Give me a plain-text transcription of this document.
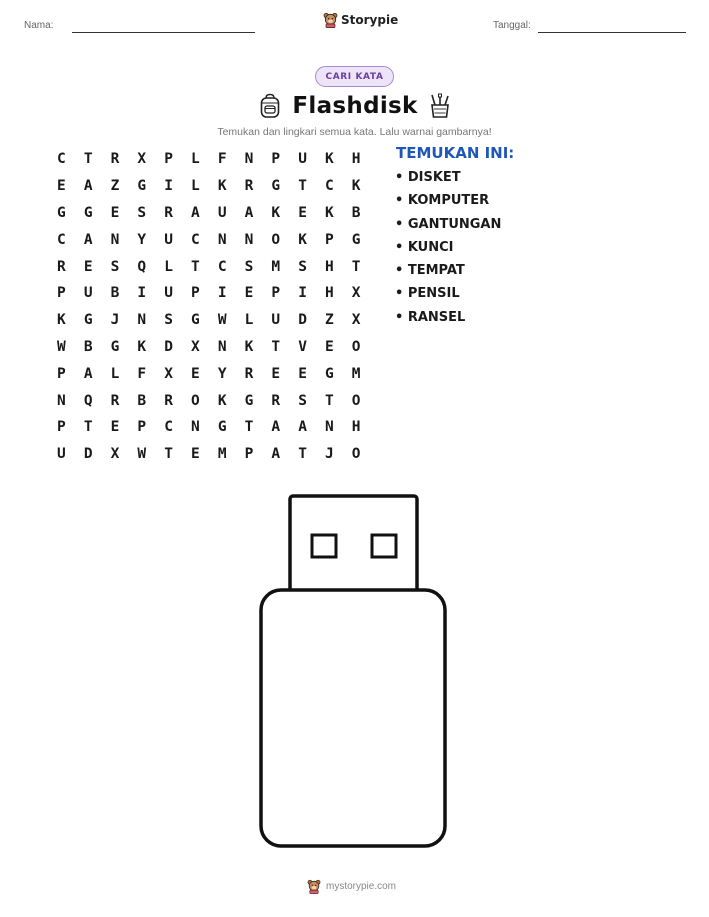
Nama:	Storypie	Tanggal:
CARI KATA
Flashdisk
Temukan dan lingkari semua kata. Lalu warnai gambarnya!
C	T	R	X	P	L	F	N	P	U	K	H
E	A	Z	G	I	L	K	R	G	T	C	K
G	G	E	S	R	A	U	A	K	E	K	B
C	A	N	Y	U	C	N	N	O	K	P	G
R	E	S	Q	L	T	C	S	M	S	H	T
P	U	B	I	U	P	I	E	P	I	H	X
K	G	J	N	S	G	W	L	U	D	Z	X
W	B	G	K	D	X	N	K	T	V	E	O
P	A	L	F	X	E	Y	R	E	E	G	M
N	Q	R	B	R	O	K	G	R	S	T	O
P	T	E	P	C	N	G	T	A	A	N	H
U	D	X	W	T	E	M	P	A	T	J	O
TEMUKAN INI:
• DISKET
• KOMPUTER
• GANTUNGAN
• KUNCI
• TEMPAT
• PENSIL
• RANSEL
mystorypie.com
